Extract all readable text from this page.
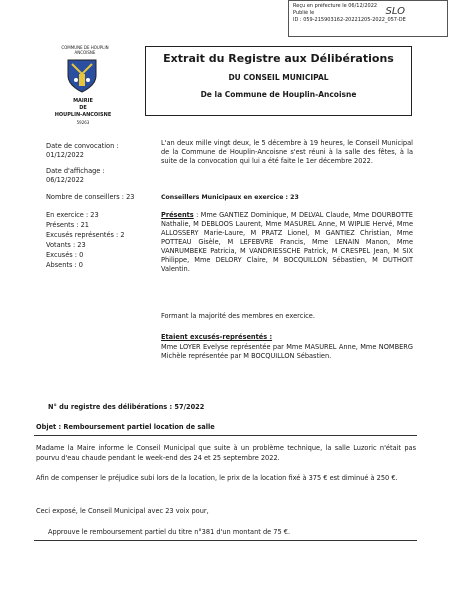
Reçu en préfecture le 06/12/2022
Publié le
ID : 059-215903162-20221205-2022_057-DE
SLO
COMMUNE DE HOUPLIN ANCOISNE
MAIRIE
DE
HOUPLIN-ANCOISNE
59263
Extrait du Registre aux Délibérations
DU CONSEIL MUNICIPAL
De la Commune de Houplin-Ancoisne
Date de convocation :
01/12/2022
Date d'affichage :
06/12/2022
Nombre de conseillers : 23
En exercice : 23
Présents : 21
Excusés représentés : 2
Votants : 23
Excusés : 0
Absents : 0
L'an deux mille vingt deux, le 5 décembre à 19 heures, le Conseil Municipal de la Commune de Houplin-Ancoisne s'est réuni à la salle des fêtes, à la suite de la convocation qui lui a été faite le 1er décembre 2022.
Conseillers Municipaux en exercice : 23
Présents : Mme GANTIEZ Dominique, M DELVAL Claude, Mme DOURBOTTE Nathalie, M DEBLOOS Laurent, Mme MASUREL Anne, M WIPLIE Hervé, Mme ALLOSSERY Marie-Laure, M PRATZ Lionel, M GANTIEZ Christian, Mme POTTEAU Gisèle, M LEFEBVRE Francis, Mme LENAIN Manon, Mme VANRUMBEKE Patricia, M VANDRIESSCHE Patrick, M CRESPEL Jean, M SIX Philippe, Mme DELORY Claire, M BOCQUILLON Sébastien, M DUTHOIT Valentin.
Formant la majorité des membres en exercice.
Etaient excusés-représentés :
Mme LOYER Evelyse représentée par Mme MASUREL Anne, Mme NOMBERG Michèle représentée par M BOCQUILLON Sébastien.
N° du registre des délibérations : 57/2022
Objet : Remboursement partiel location de salle
Madame la Maire informe le Conseil Municipal que suite à un problème technique, la salle Luzoric n'était pas pourvu d'eau chaude pendant le week-end des 24 et 25 septembre 2022.
Afin de compenser le préjudice subi lors de la location, le prix de la location fixé à 375 € est diminué à 250 €.
Ceci exposé, le Conseil Municipal avec 23 voix pour,
Approuve le remboursement partiel du titre n°381 d'un montant de 75 €.
